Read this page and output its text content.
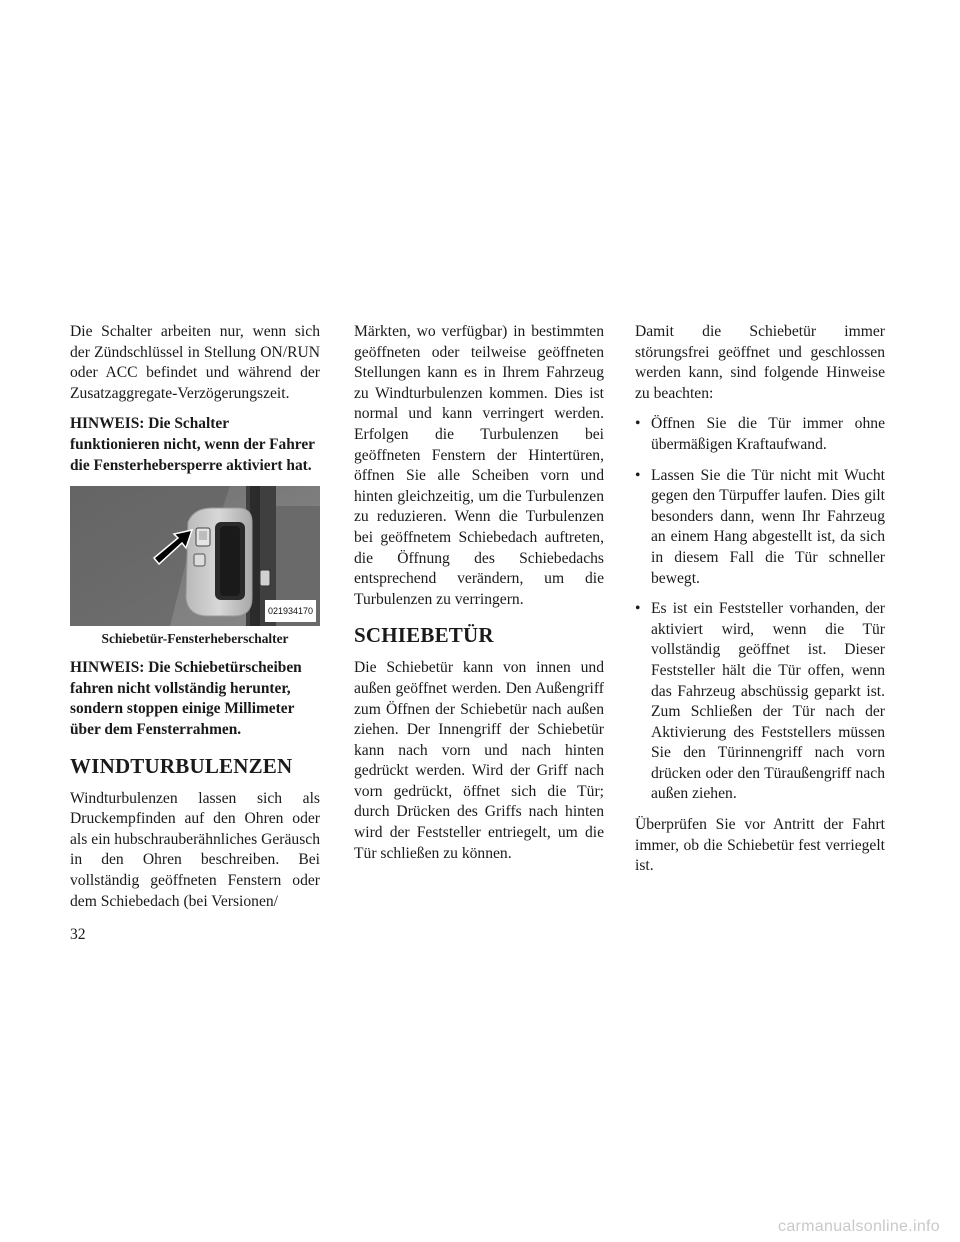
Die Schalter arbeiten nur, wenn sich der Zündschlüssel in Stellung ON/RUN oder ACC befindet und während der Zusatzaggregate-Verzögerungszeit.

HINWEIS: Die Schalter funktionieren nicht, wenn der Fahrer die Fensterhebersperre aktiviert hat.

021934170
Schiebetür-Fensterheberschalter

HINWEIS: Die Schiebetürscheiben fahren nicht vollständig herunter, sondern stoppen einige Millimeter über dem Fensterrahmen.

WINDTURBULENZEN

Windturbulenzen lassen sich als Druckempfinden auf den Ohren oder als ein hubschrauberähnliches Geräusch in den Ohren beschreiben. Bei vollständig geöffneten Fenstern oder dem Schiebedach (bei Versionen/

Märkten, wo verfügbar) in bestimmten geöffneten oder teilweise geöffneten Stellungen kann es in Ihrem Fahrzeug zu Windturbulenzen kommen. Dies ist normal und kann verringert werden. Erfolgen die Turbulenzen bei geöffneten Fenstern der Hintertüren, öffnen Sie alle Scheiben vorn und hinten gleichzeitig, um die Turbulenzen zu reduzieren. Wenn die Turbulenzen bei geöffnetem Schiebedach auftreten, die Öffnung des Schiebedachs entsprechend verändern, um die Turbulenzen zu verringern.

SCHIEBETÜR

Die Schiebetür kann von innen und außen geöffnet werden. Den Außengriff zum Öffnen der Schiebetür nach außen ziehen. Der Innengriff der Schiebetür kann nach vorn und nach hinten gedrückt werden. Wird der Griff nach vorn gedrückt, öffnet sich die Tür; durch Drücken des Griffs nach hinten wird der Feststeller entriegelt, um die Tür schließen zu können.

Damit die Schiebetür immer störungsfrei geöffnet und geschlossen werden kann, sind folgende Hinweise zu beachten:

• Öffnen Sie die Tür immer ohne übermäßigen Kraftaufwand.
• Lassen Sie die Tür nicht mit Wucht gegen den Türpuffer laufen. Dies gilt besonders dann, wenn Ihr Fahrzeug an einem Hang abgestellt ist, da sich in diesem Fall die Tür schneller bewegt.
• Es ist ein Feststeller vorhanden, der aktiviert wird, wenn die Tür vollständig geöffnet ist. Dieser Feststeller hält die Tür offen, wenn das Fahrzeug abschüssig geparkt ist. Zum Schließen der Tür nach der Aktivierung des Feststellers müssen Sie den Türinnengriff nach vorn drücken oder den Türaußengriff nach außen ziehen.

Überprüfen Sie vor Antritt der Fahrt immer, ob die Schiebetür fest verriegelt ist.

32
carmanualsonline.info
